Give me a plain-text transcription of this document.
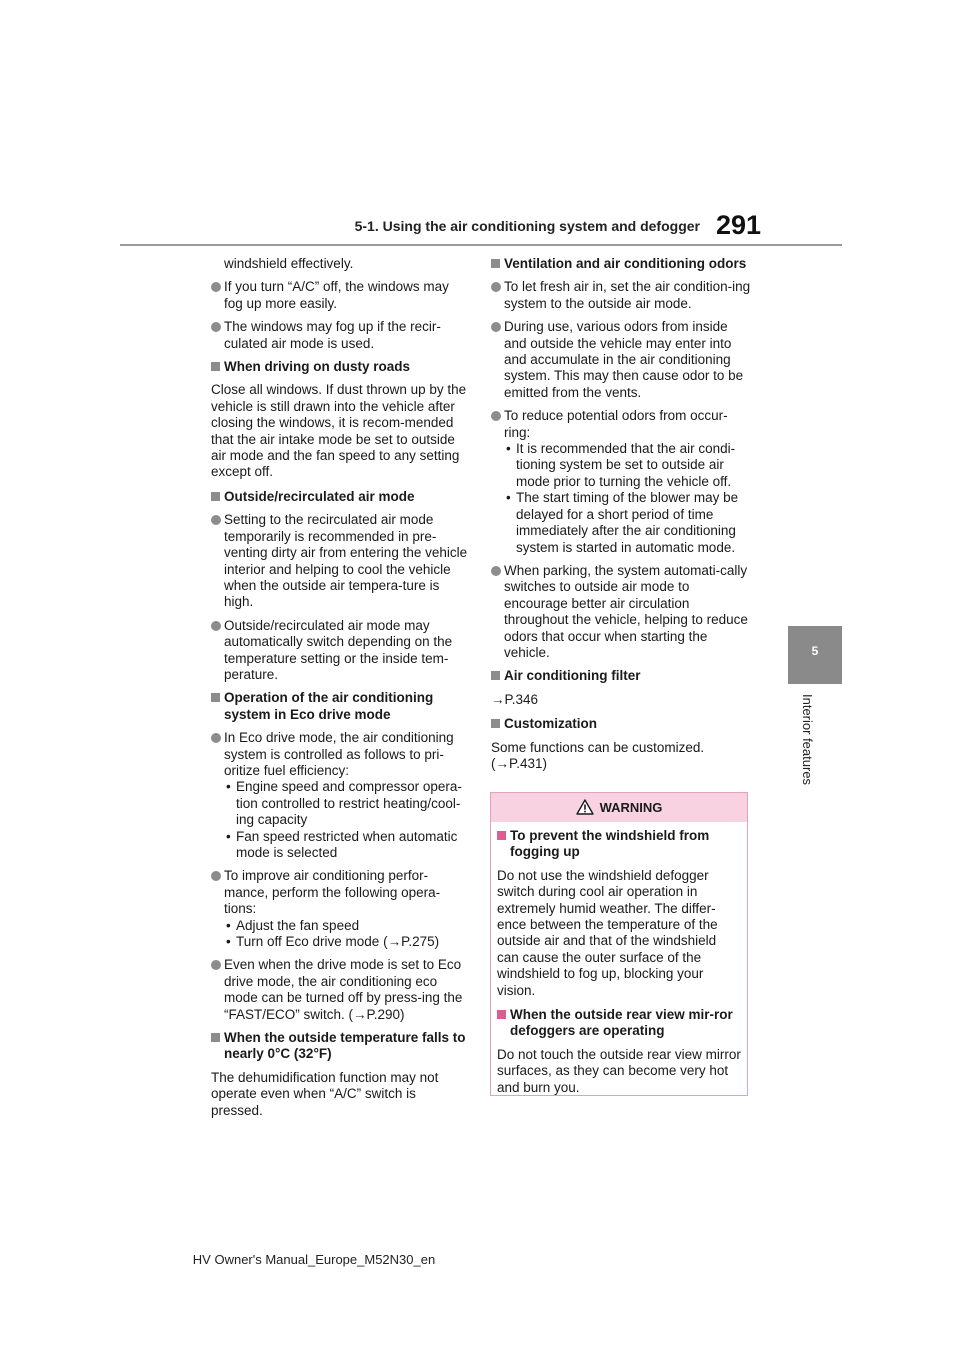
5-1. Using the air conditioning system and defogger 291
5
Interior features
windshield effectively.
If you turn “A/C” off, the windows may fog up more easily.
The windows may fog up if the recir-culated air mode is used.
When driving on dusty roads
Close all windows. If dust thrown up by the vehicle is still drawn into the vehicle after closing the windows, it is recom-mended that the air intake mode be set to outside air mode and the fan speed to any setting except off.
Outside/recirculated air mode
Setting to the recirculated air mode temporarily is recommended in pre-venting dirty air from entering the vehicle interior and helping to cool the vehicle when the outside air tempera-ture is high.
Outside/recirculated air mode may automatically switch depending on the temperature setting or the inside tem-perature.
Operation of the air conditioning system in Eco drive mode
In Eco drive mode, the air conditioning system is controlled as follows to pri-oritize fuel efficiency:
• Engine speed and compressor opera-tion controlled to restrict heating/cool-ing capacity
• Fan speed restricted when automatic mode is selected
To improve air conditioning perfor-mance, perform the following opera-tions:
• Adjust the fan speed
• Turn off Eco drive mode (→P.275)
Even when the drive mode is set to Eco drive mode, the air conditioning eco mode can be turned off by press-ing the “FAST/ECO” switch. (→P.290)
When the outside temperature falls to nearly 0°C (32°F)
The dehumidification function may not operate even when “A/C” switch is pressed.
Ventilation and air conditioning odors
To let fresh air in, set the air condition-ing system to the outside air mode.
During use, various odors from inside and outside the vehicle may enter into and accumulate in the air conditioning system. This may then cause odor to be emitted from the vents.
To reduce potential odors from occur-ring:
• It is recommended that the air condi-tioning system be set to outside air mode prior to turning the vehicle off.
• The start timing of the blower may be delayed for a short period of time immediately after the air conditioning system is started in automatic mode.
When parking, the system automati-cally switches to outside air mode to encourage better air circulation throughout the vehicle, helping to reduce odors that occur when starting the vehicle.
Air conditioning filter
→P.346
Customization
Some functions can be customized. (→P.431)
WARNING
To prevent the windshield from fogging up
Do not use the windshield defogger switch during cool air operation in extremely humid weather. The differ-ence between the temperature of the outside air and that of the windshield can cause the outer surface of the windshield to fog up, blocking your vision.
When the outside rear view mir-ror defoggers are operating
Do not touch the outside rear view mirror surfaces, as they can become very hot and burn you.
HV Owner's Manual_Europe_M52N30_en
